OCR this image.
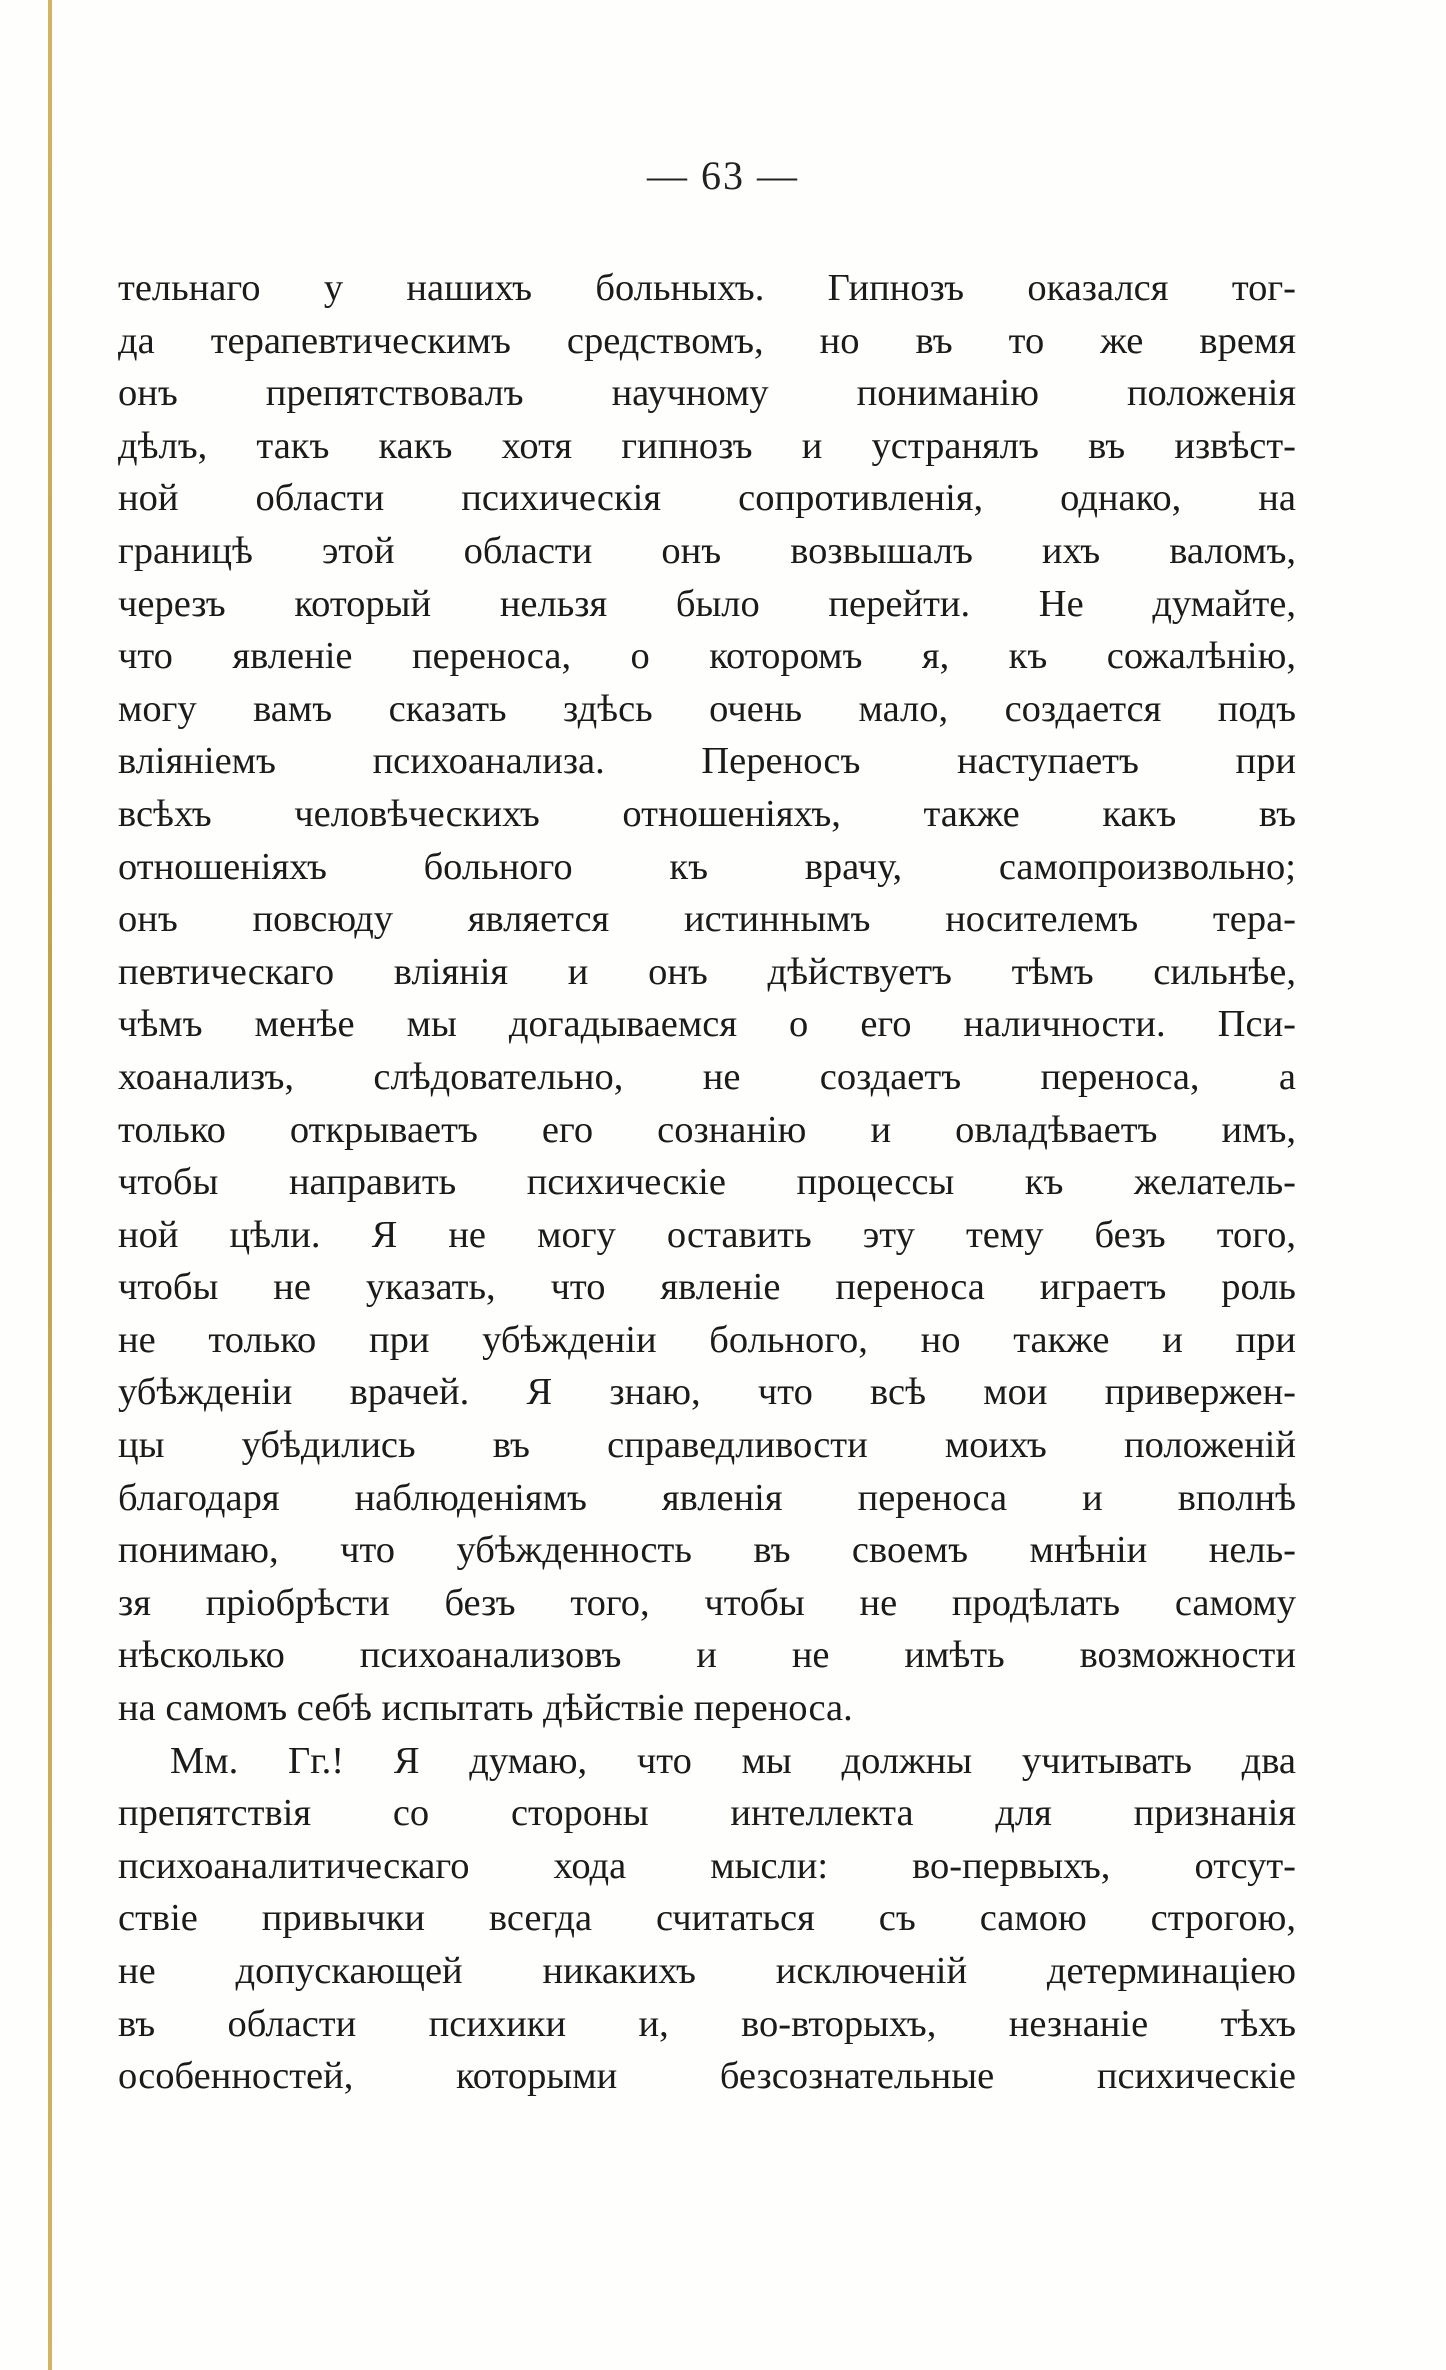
— 63 —
тельнаго у нашихъ больныхъ. Гипнозъ оказался тог-
да терапевтическимъ средствомъ, но въ то же время
онъ препятствовалъ научному пониманію положенія
дѣлъ, такъ какъ хотя гипнозъ и устранялъ въ извѣст-
ной области психическія сопротивленія, однако, на
границѣ этой области онъ возвышалъ ихъ валомъ,
черезъ который нельзя было перейти. Не думайте,
что явленіе переноса, о которомъ я, къ сожалѣнію,
могу вамъ сказать здѣсь очень мало, создается подъ
вліяніемъ психоанализа. Переносъ наступаетъ при
всѣхъ человѣческихъ отношеніяхъ, также какъ въ
отношеніяхъ больного къ врачу, самопроизвольно;
онъ повсюду является истиннымъ носителемъ тера-
певтическаго вліянія и онъ дѣйствуетъ тѣмъ сильнѣе,
чѣмъ менѣе мы догадываемся о его наличности. Пси-
хоанализъ, слѣдовательно, не создаетъ переноса, а
только открываетъ его сознанію и овладѣваетъ имъ,
чтобы направить психическіе процессы къ желатель-
ной цѣли. Я не могу оставить эту тему безъ того,
чтобы не указать, что явленіе переноса играетъ роль
не только при убѣжденіи больного, но также и при
убѣжденіи врачей. Я знаю, что всѣ мои привержен-
цы убѣдились въ справедливости моихъ положеній
благодаря наблюденіямъ явленія переноса и вполнѣ
понимаю, что убѣжденность въ своемъ мнѣніи нель-
зя пріобрѣсти безъ того, чтобы не продѣлать самому
нѣсколько психоанализовъ и не имѣть возможности
на самомъ себѣ испытать дѣйствіе переноса.
Мм. Гг.! Я думаю, что мы должны учитывать два
препятствія со стороны интеллекта для признанія
психоаналитическаго хода мысли: во-первыхъ, отсут-
ствіе привычки всегда считаться съ самою строгою,
не допускающей никакихъ исключеній детерминаціею
въ области психики и, во-вторыхъ, незнаніе тѣхъ
особенностей, которыми безсознательные психическіе
